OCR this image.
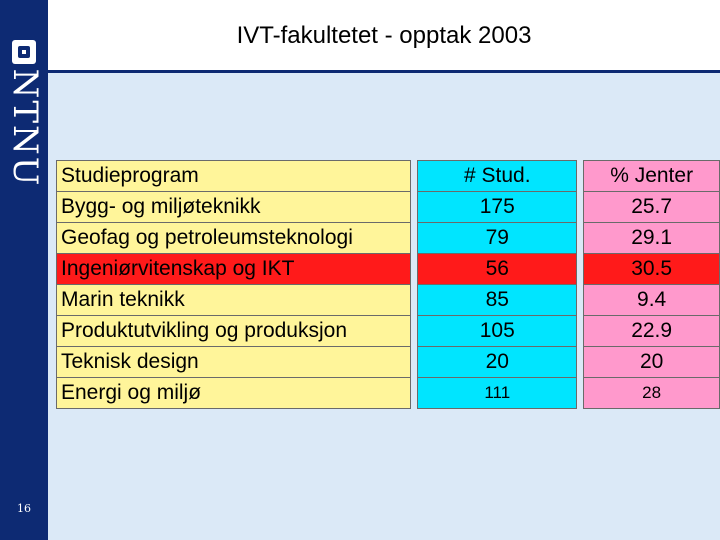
NTNU
16
IVT-fakultetet - opptak 2003
Studieprogram		# Stud.		% Jenter
Bygg- og miljøteknikk		175		25.7
Geofag og petroleumsteknologi		79		29.1
Ingeniørvitenskap og IKT		56		30.5
Marin teknikk		85		9.4
Produktutvikling og produksjon		105		22.9
Teknisk design		20		20
Energi og miljø		111		28
